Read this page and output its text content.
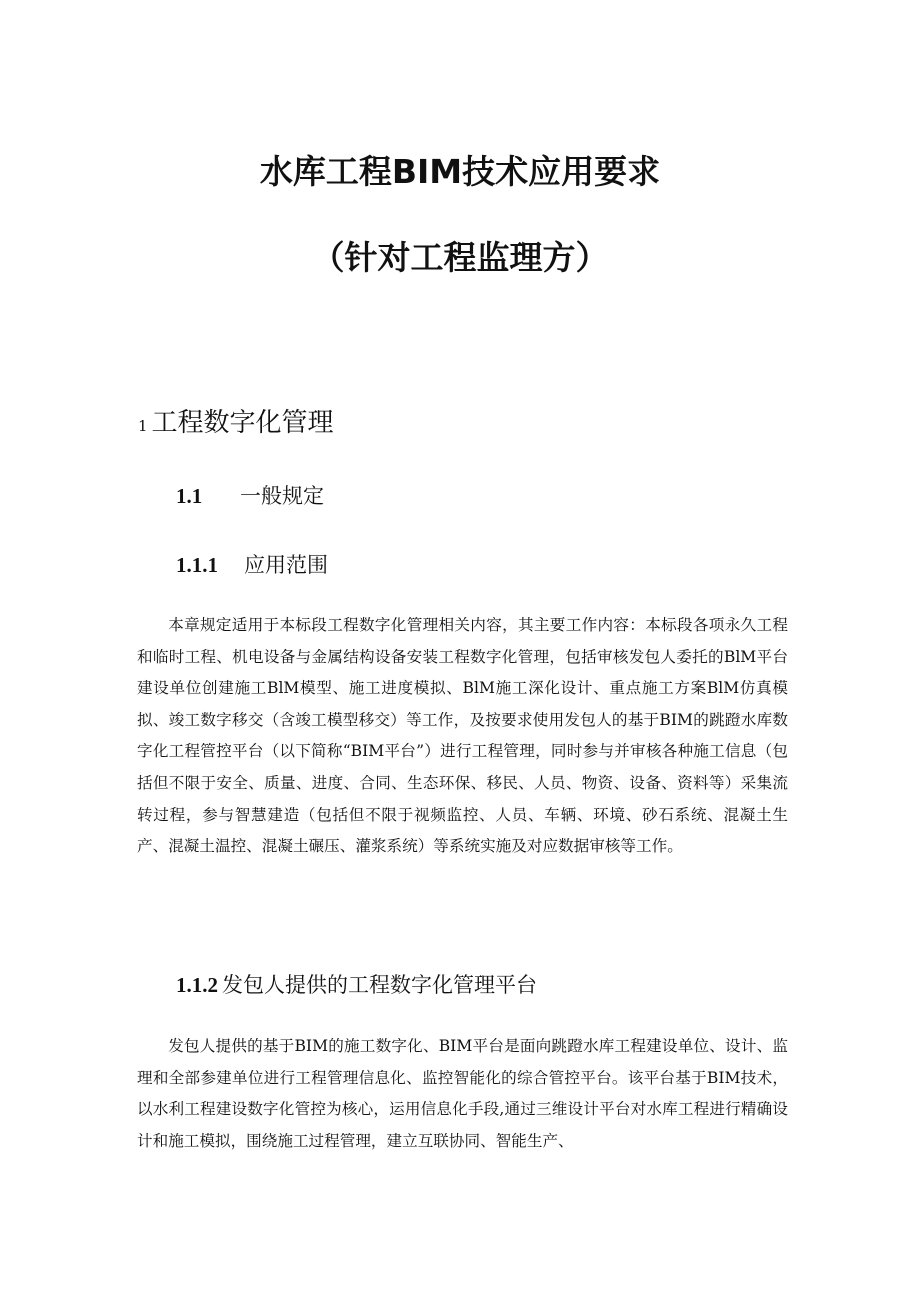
水库工程BIM技术应用要求
（针对工程监理方）
1 工程数字化管理
1.1 一般规定
1.1.1 应用范围

本章规定适用于本标段工程数字化管理相关内容，其主要工作内容：本标段各项永久工程和临时工程、机电设备与金属结构设备安装工程数字化管理，包括审核发包人委托的BlM平台建设单位创建施工BlM模型、施工进度模拟、BlM施工深化设计、重点施工方案BlM仿真模拟、竣工数字移交（含竣工模型移交）等工作，及按要求使用发包人的基于BIM的跳蹬水库数字化工程管控平台（以下简称“BIM平台”）进行工程管理，同时参与并审核各种施工信息（包括但不限于安全、质量、进度、合同、生态环保、移民、人员、物资、设备、资料等）采集流转过程，参与智慧建造（包括但不限于视频监控、人员、车辆、环境、砂石系统、混凝土生产、混凝土温控、混凝土碾压、灌浆系统）等系统实施及对应数据审核等工作。

1.1.2 发包人提供的工程数字化管理平台

发包人提供的基于BIM的施工数字化、BIM平台是面向跳蹬水库工程建设单位、设计、监理和全部参建单位进行工程管理信息化、监控智能化的综合管控平台。该平台基于BIM技术，以水利工程建设数字化管控为核心，运用信息化手段,通过三维设计平台对水库工程进行精确设计和施工模拟，围绕施工过程管理，建立互联协同、智能生产、
